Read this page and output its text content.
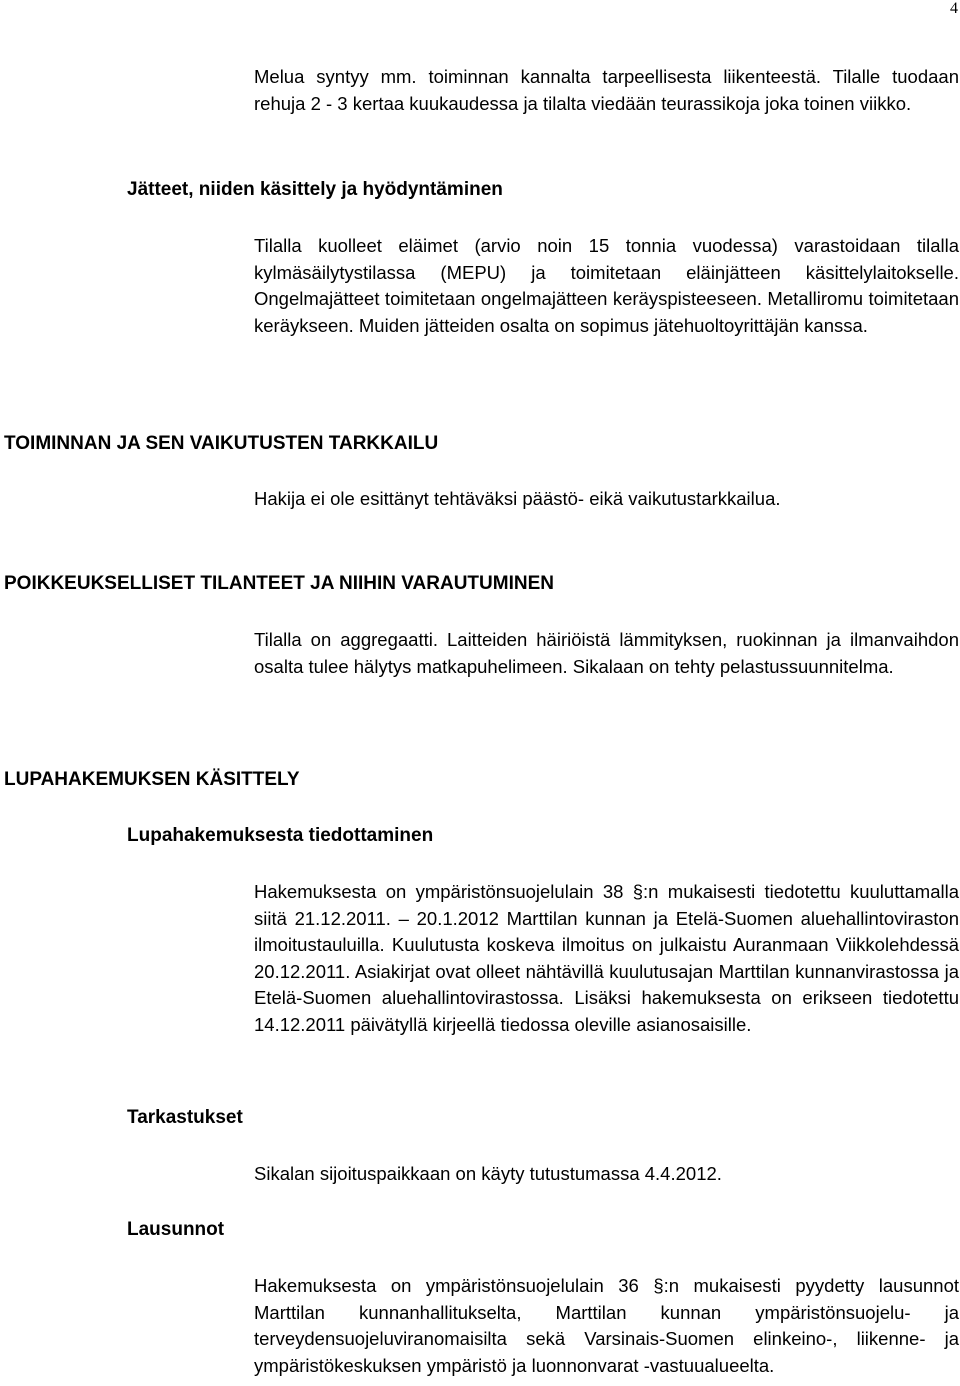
4

Melua syntyy mm. toiminnan kannalta tarpeellisesta liikenteestä. Tilalle tuodaan rehuja 2 - 3 kertaa kuukaudessa ja tilalta viedään teurassikoja joka toinen viikko.

Jätteet, niiden käsittely ja hyödyntäminen

Tilalla kuolleet eläimet (arvio noin 15 tonnia vuodessa) varastoidaan tilalla kylmäsäilytystilassa (MEPU) ja toimitetaan eläinjätteen käsittelylaitokselle. Ongelmajätteet toimitetaan ongelmajätteen keräyspisteeseen. Metalliromu toimitetaan keräykseen. Muiden jätteiden osalta on sopimus jätehuoltoyrittäjän kanssa.

TOIMINNAN JA SEN VAIKUTUSTEN TARKKAILU

Hakija ei ole esittänyt tehtäväksi päästö- eikä vaikutustarkkailua.

POIKKEUKSELLISET TILANTEET JA NIIHIN VARAUTUMINEN

Tilalla on aggregaatti. Laitteiden häiriöistä lämmityksen, ruokinnan ja ilmanvaihdon osalta tulee hälytys matkapuhelimeen. Sikalaan on tehty pelastussuunnitelma.

LUPAHAKEMUKSEN KÄSITTELY
Lupahakemuksesta tiedottaminen

Hakemuksesta on ympäristönsuojelulain 38 §:n mukaisesti tiedotettu kuuluttamalla siitä 21.12.2011. – 20.1.2012 Marttilan kunnan ja Etelä-Suomen aluehallintoviraston ilmoitustauluilla. Kuulutusta koskeva ilmoitus on julkaistu Auranmaan Viikkolehdessä 20.12.2011. Asiakirjat ovat olleet nähtävillä kuulutusajan Marttilan kunnanvirastossa ja Etelä-Suomen aluehallintovirastossa. Lisäksi hakemuksesta on erikseen tiedotettu 14.12.2011 päivätyllä kirjeellä tiedossa oleville asianosaisille.

Tarkastukset

Sikalan sijoituspaikkaan on käyty tutustumassa 4.4.2012.

Lausunnot

Hakemuksesta on ympäristönsuojelulain 36 §:n mukaisesti pyydetty lausunnot Marttilan kunnanhallitukselta, Marttilan kunnan ympäristönsuojelu- ja terveydensuojeluviranomaisilta sekä Varsinais-Suomen elinkeino-, liikenne- ja ympäristökeskuksen ympäristö ja luonnonvarat -vastuualueelta.
